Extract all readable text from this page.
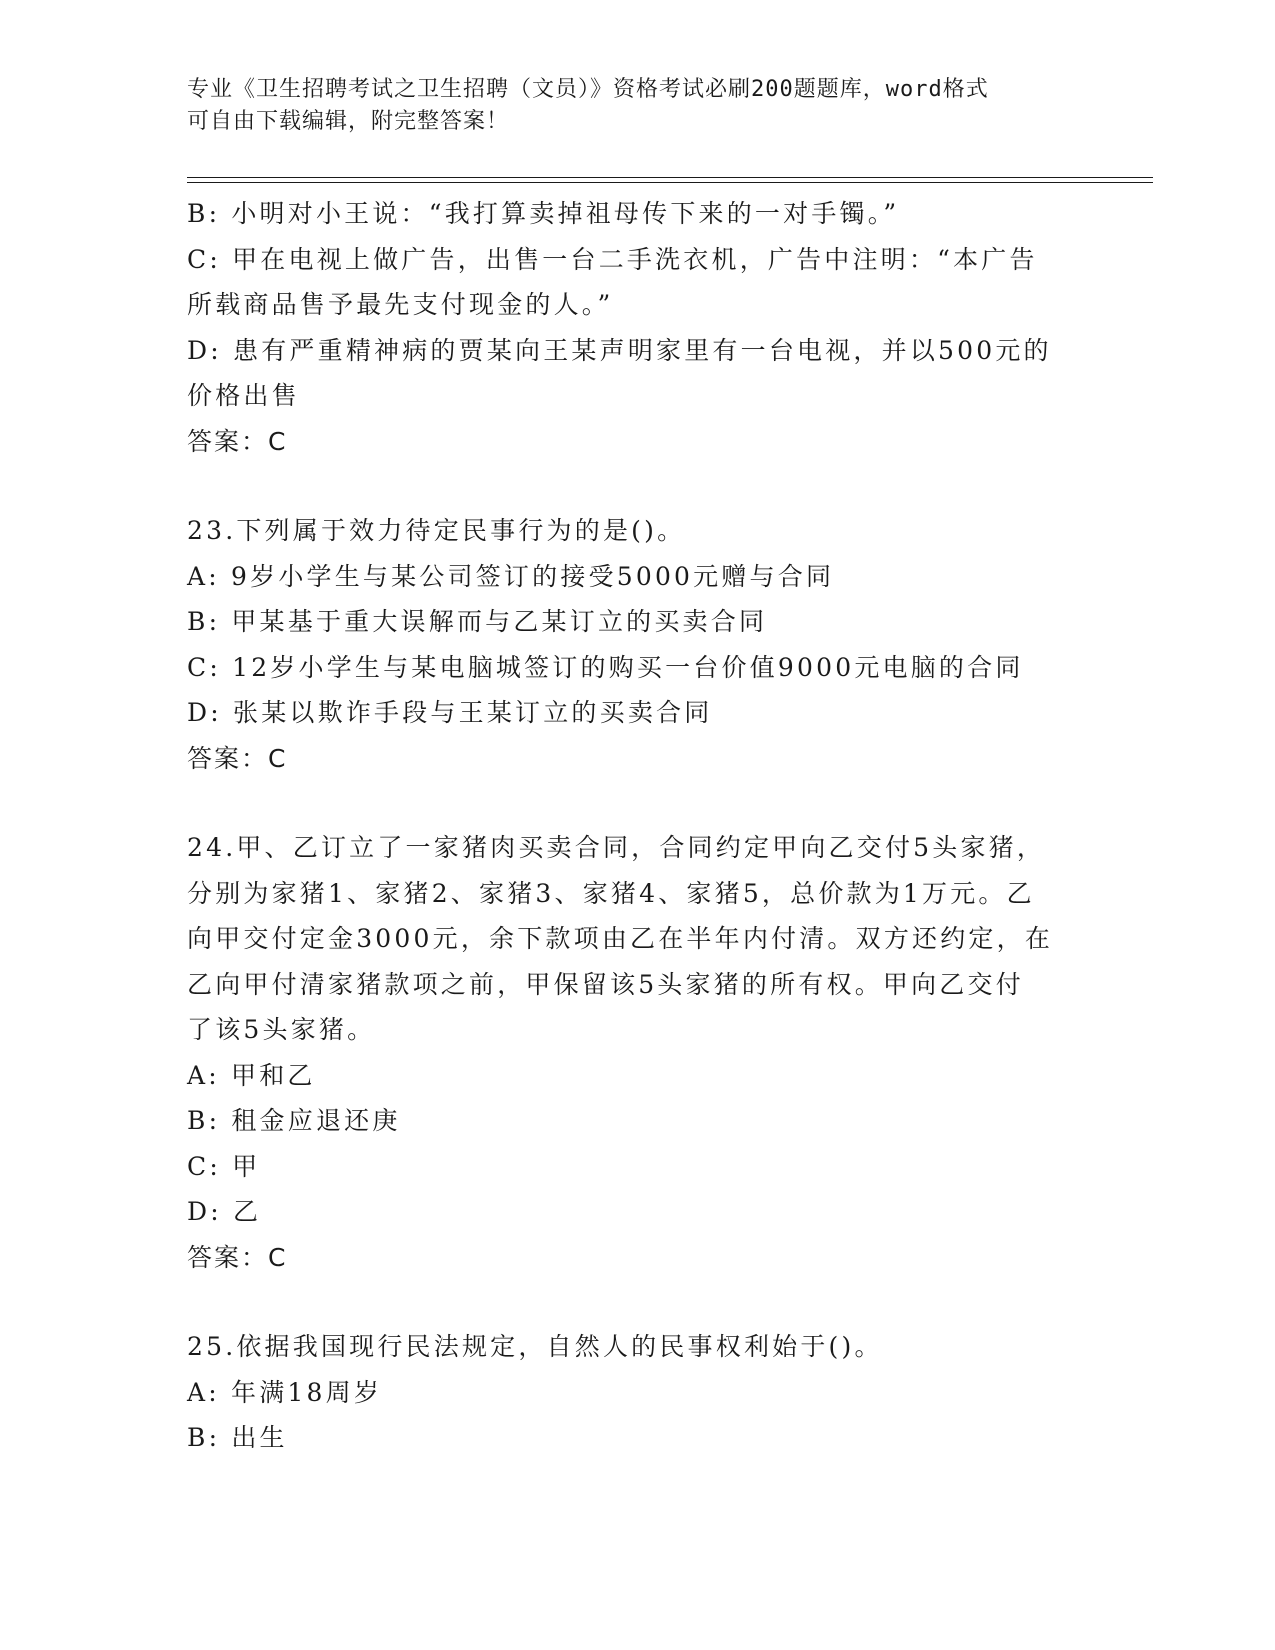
专业《卫生招聘考试之卫生招聘（文员）》资格考试必刷200题题库，word格式
可自由下载编辑，附完整答案！

B: 小明对小王说：“我打算卖掉祖母传下来的一对手镯。”

C: 甲在电视上做广告，出售一台二手洗衣机，广告中注明：“本广告

所载商品售予最先支付现金的人。”

D: 患有严重精神病的贾某向王某声明家里有一台电视，并以500元的

价格出售

答案：C

23.下列属于效力待定民事行为的是()。

A: 9岁小学生与某公司签订的接受5000元赠与合同

B: 甲某基于重大误解而与乙某订立的买卖合同

C: 12岁小学生与某电脑城签订的购买一台价值9000元电脑的合同

D: 张某以欺诈手段与王某订立的买卖合同

答案：C

24.甲、乙订立了一家猪肉买卖合同，合同约定甲向乙交付5头家猪，

分别为家猪1、家猪2、家猪3、家猪4、家猪5，总价款为1万元。乙

向甲交付定金3000元，余下款项由乙在半年内付清。双方还约定，在

乙向甲付清家猪款项之前，甲保留该5头家猪的所有权。甲向乙交付

了该5头家猪。

A: 甲和乙

B: 租金应退还庚

C: 甲

D: 乙

答案：C

25.依据我国现行民法规定，自然人的民事权利始于()。

A: 年满18周岁

B: 出生
